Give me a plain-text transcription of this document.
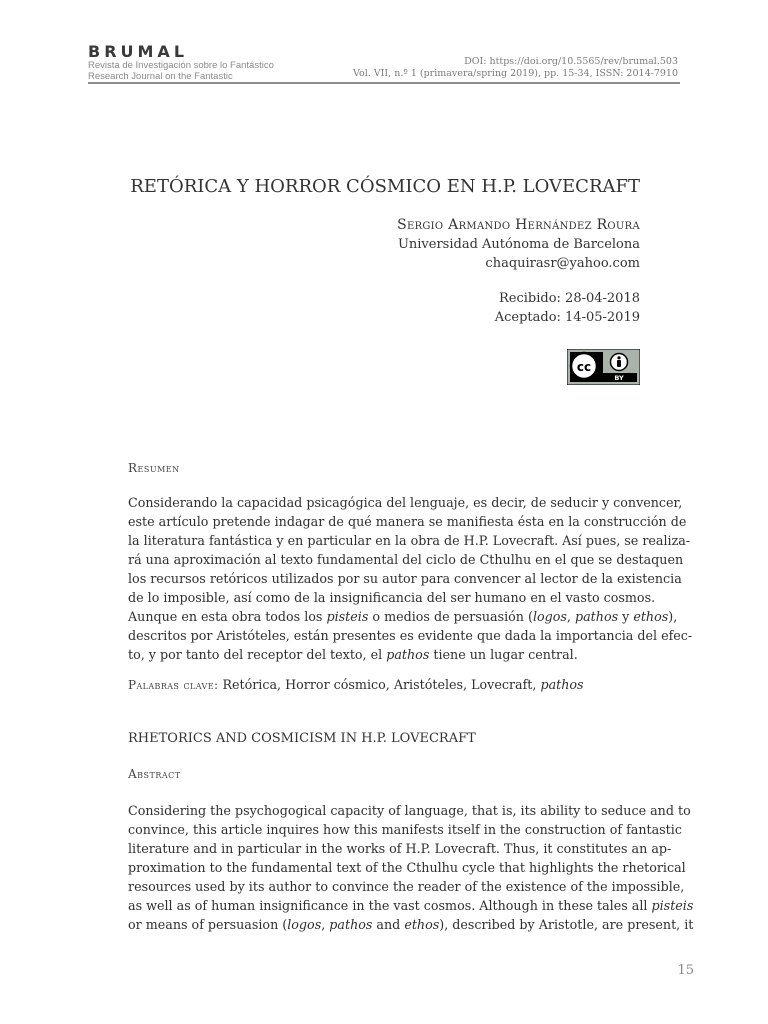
BRUMAL
Revista de Investigación sobre lo Fantástico
Research Journal on the Fantastic
DOI: https://doi.org/10.5565/rev/brumal.503
Vol. VII, n.º 1 (primavera/spring 2019), pp. 15-34, ISSN: 2014-7910
RETÓRICA Y HORROR CÓSMICO EN H.P. LOVECRAFT
Sergio Armando Hernández Roura
Universidad Autónoma de Barcelona
chaquirasr@yahoo.com
Recibido: 28-04-2018
Aceptado: 14-05-2019
cc
BY
Resumen
Considerando la capacidad psicagógica del lenguaje, es decir, de seducir y convencer,
este artículo pretende indagar de qué manera se manifiesta ésta en la construcción de
la literatura fantástica y en particular en la obra de H.P. Lovecraft. Así pues, se realiza-
rá una aproximación al texto fundamental del ciclo de Cthulhu en el que se destaquen
los recursos retóricos utilizados por su autor para convencer al lector de la existencia
de lo imposible, así como de la insignificancia del ser humano en el vasto cosmos.
Aunque en esta obra todos los pisteis o medios de persuasión (logos, pathos y ethos),
descritos por Aristóteles, están presentes es evidente que dada la importancia del efec-
to, y por tanto del receptor del texto, el pathos tiene un lugar central.
Palabras clave: Retórica, Horror cósmico, Aristóteles, Lovecraft, pathos
RHETORICS AND COSMICISM IN H.P. LOVECRAFT
Abstract
Considering the psychogogical capacity of language, that is, its ability to seduce and to
convince, this article inquires how this manifests itself in the construction of fantastic
literature and in particular in the works of H.P. Lovecraft. Thus, it constitutes an ap-
proximation to the fundamental text of the Cthulhu cycle that highlights the rhetorical
resources used by its author to convince the reader of the existence of the impossible,
as well as of human insignificance in the vast cosmos. Although in these tales all pisteis
or means of persuasion (logos, pathos and ethos), described by Aristotle, are present, it
15
